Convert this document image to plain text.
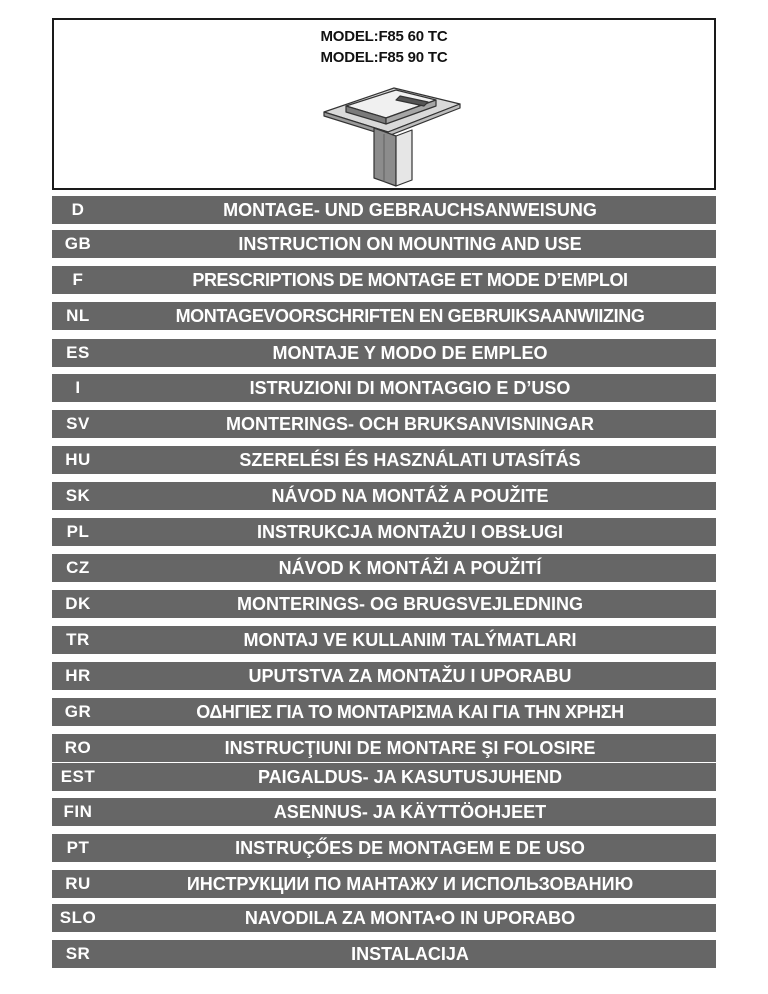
MODEL:F85 60 TC
MODEL:F85 90 TC
D	MONTAGE- UND GEBRAUCHSANWEISUNG
GB	INSTRUCTION ON MOUNTING AND USE
F	PRESCRIPTIONS DE MONTAGE ET MODE D’EMPLOI
NL	MONTAGEVOORSCHRIFTEN EN GEBRUIKSAANWIIZING
ES	MONTAJE Y MODO DE EMPLEO
I	ISTRUZIONI DI MONTAGGIO E D’USO
SV	MONTERINGS- OCH BRUKSANVISNINGAR
HU	SZERELÉSI ÉS HASZNÁLATI UTASÍTÁS
SK	NÁVOD NA MONTÁŽ A POUŽITE
PL	INSTRUKCJA MONTAŻU I OBSŁUGI
CZ	NÁVOD K MONTÁŽI A POUŽITÍ
DK	MONTERINGS- OG BRUGSVEJLEDNING
TR	MONTAJ VE KULLANIM TALÝMATLARI
HR	UPUTSTVA ZA MONTAŽU I UPORABU
GR	ΟΔΗΓΙΕΣ ΓΙΑ ΤΟ ΜΟΝΤΑΡΙΣΜΑ ΚΑΙ ΓΙΑ ΤΗΝ ΧΡΗΣΗ
RO	INSTRUCŢIUNI DE MONTARE ŞI FOLOSIRE
EST	PAIGALDUS- JA KASUTUSJUHEND
FIN	ASENNUS- JA KÄYTTÖOHJEET
PT	INSTRUÇŐES DE MONTAGEM E DE USO
RU	ИНСТРУКЦИИ ПО МАНТАЖУ И ИСПОЛЬЗОВАНИЮ
SLO	NAVODILA ZA MONTA•O IN UPORABO
SR	INSTALACIJA
